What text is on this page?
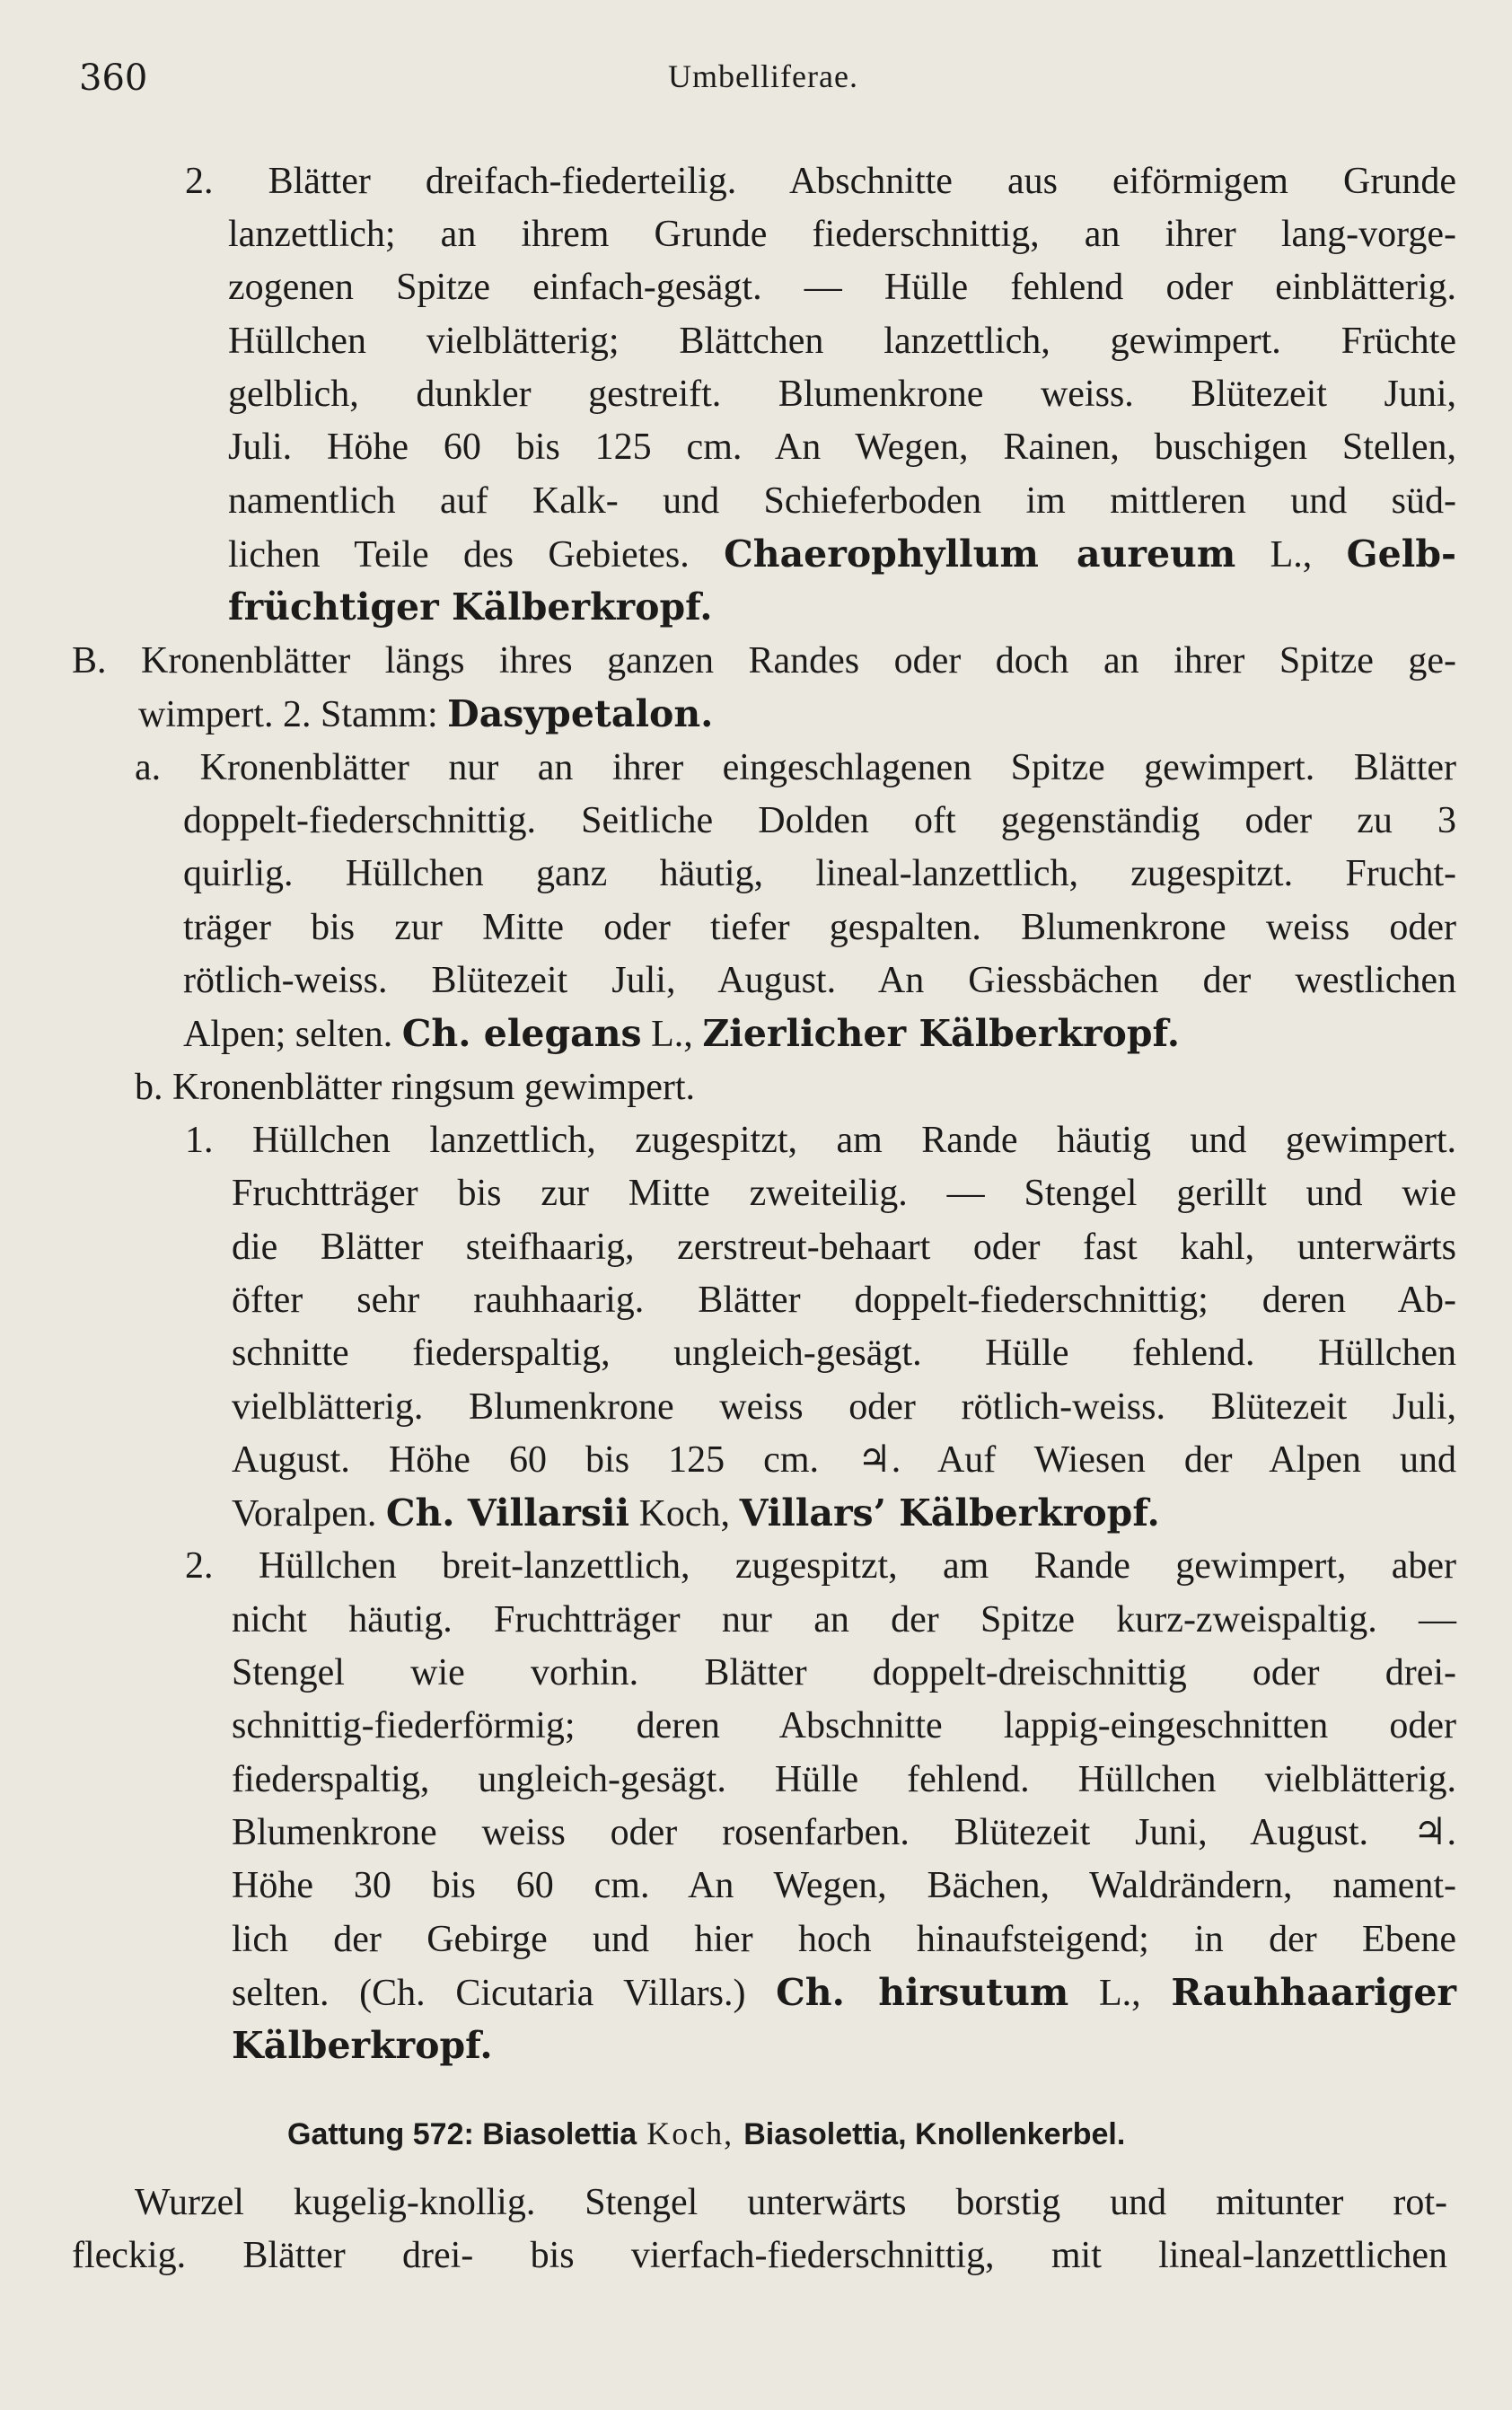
360	Umbelliferae.
2. Blätter dreifach-fiederteilig. Abschnitte aus eiförmigem Grunde
lanzettlich; an ihrem Grunde fiederschnittig, an ihrer lang-vorge-
zogenen Spitze einfach-gesägt. — Hülle fehlend oder einblätterig.
Hüllchen vielblätterig; Blättchen lanzettlich, gewimpert. Früchte
gelblich, dunkler gestreift. Blumenkrone weiss. Blütezeit Juni,
Juli. Höhe 60 bis 125 cm. An Wegen, Rainen, buschigen Stellen,
namentlich auf Kalk- und Schieferboden im mittleren und süd-
lichen Teile des Gebietes. Chaerophyllum aureum L., Gelb-
früchtiger Kälberkropf.
B. Kronenblätter längs ihres ganzen Randes oder doch an ihrer Spitze ge-
wimpert. 2. Stamm: Dasypetalon.
a. Kronenblätter nur an ihrer eingeschlagenen Spitze gewimpert. Blätter
doppelt-fiederschnittig. Seitliche Dolden oft gegenständig oder zu 3
quirlig. Hüllchen ganz häutig, lineal-lanzettlich, zugespitzt. Frucht-
träger bis zur Mitte oder tiefer gespalten. Blumenkrone weiss oder
rötlich-weiss. Blütezeit Juli, August. An Giessbächen der westlichen
Alpen; selten. Ch. elegans L., Zierlicher Kälberkropf.
b. Kronenblätter ringsum gewimpert.
1. Hüllchen lanzettlich, zugespitzt, am Rande häutig und gewimpert.
Fruchtträger bis zur Mitte zweiteilig. — Stengel gerillt und wie
die Blätter steifhaarig, zerstreut-behaart oder fast kahl, unterwärts
öfter sehr rauhhaarig. Blätter doppelt-fiederschnittig; deren Ab-
schnitte fiederspaltig, ungleich-gesägt. Hülle fehlend. Hüllchen
vielblätterig. Blumenkrone weiss oder rötlich-weiss. Blütezeit Juli,
August. Höhe 60 bis 125 cm. ♃. Auf Wiesen der Alpen und
Voralpen. Ch. Villarsii Koch, Villars’ Kälberkropf.
2. Hüllchen breit-lanzettlich, zugespitzt, am Rande gewimpert, aber
nicht häutig. Fruchtträger nur an der Spitze kurz-zweispaltig. —
Stengel wie vorhin. Blätter doppelt-dreischnittig oder drei-
schnittig-fiederförmig; deren Abschnitte lappig-eingeschnitten oder
fiederspaltig, ungleich-gesägt. Hülle fehlend. Hüllchen vielblätterig.
Blumenkrone weiss oder rosenfarben. Blütezeit Juni, August. ♃.
Höhe 30 bis 60 cm. An Wegen, Bächen, Waldrändern, nament-
lich der Gebirge und hier hoch hinaufsteigend; in der Ebene
selten. (Ch. Cicutaria Villars.) Ch. hirsutum L., Rauhhaariger
Kälberkropf.
Gattung 572: Biasolettia Koch, Biasolettia, Knollenkerbel.
Wurzel kugelig-knollig. Stengel unterwärts borstig und mitunter rot-
fleckig. Blätter drei- bis vierfach-fiederschnittig, mit lineal-lanzettlichen
